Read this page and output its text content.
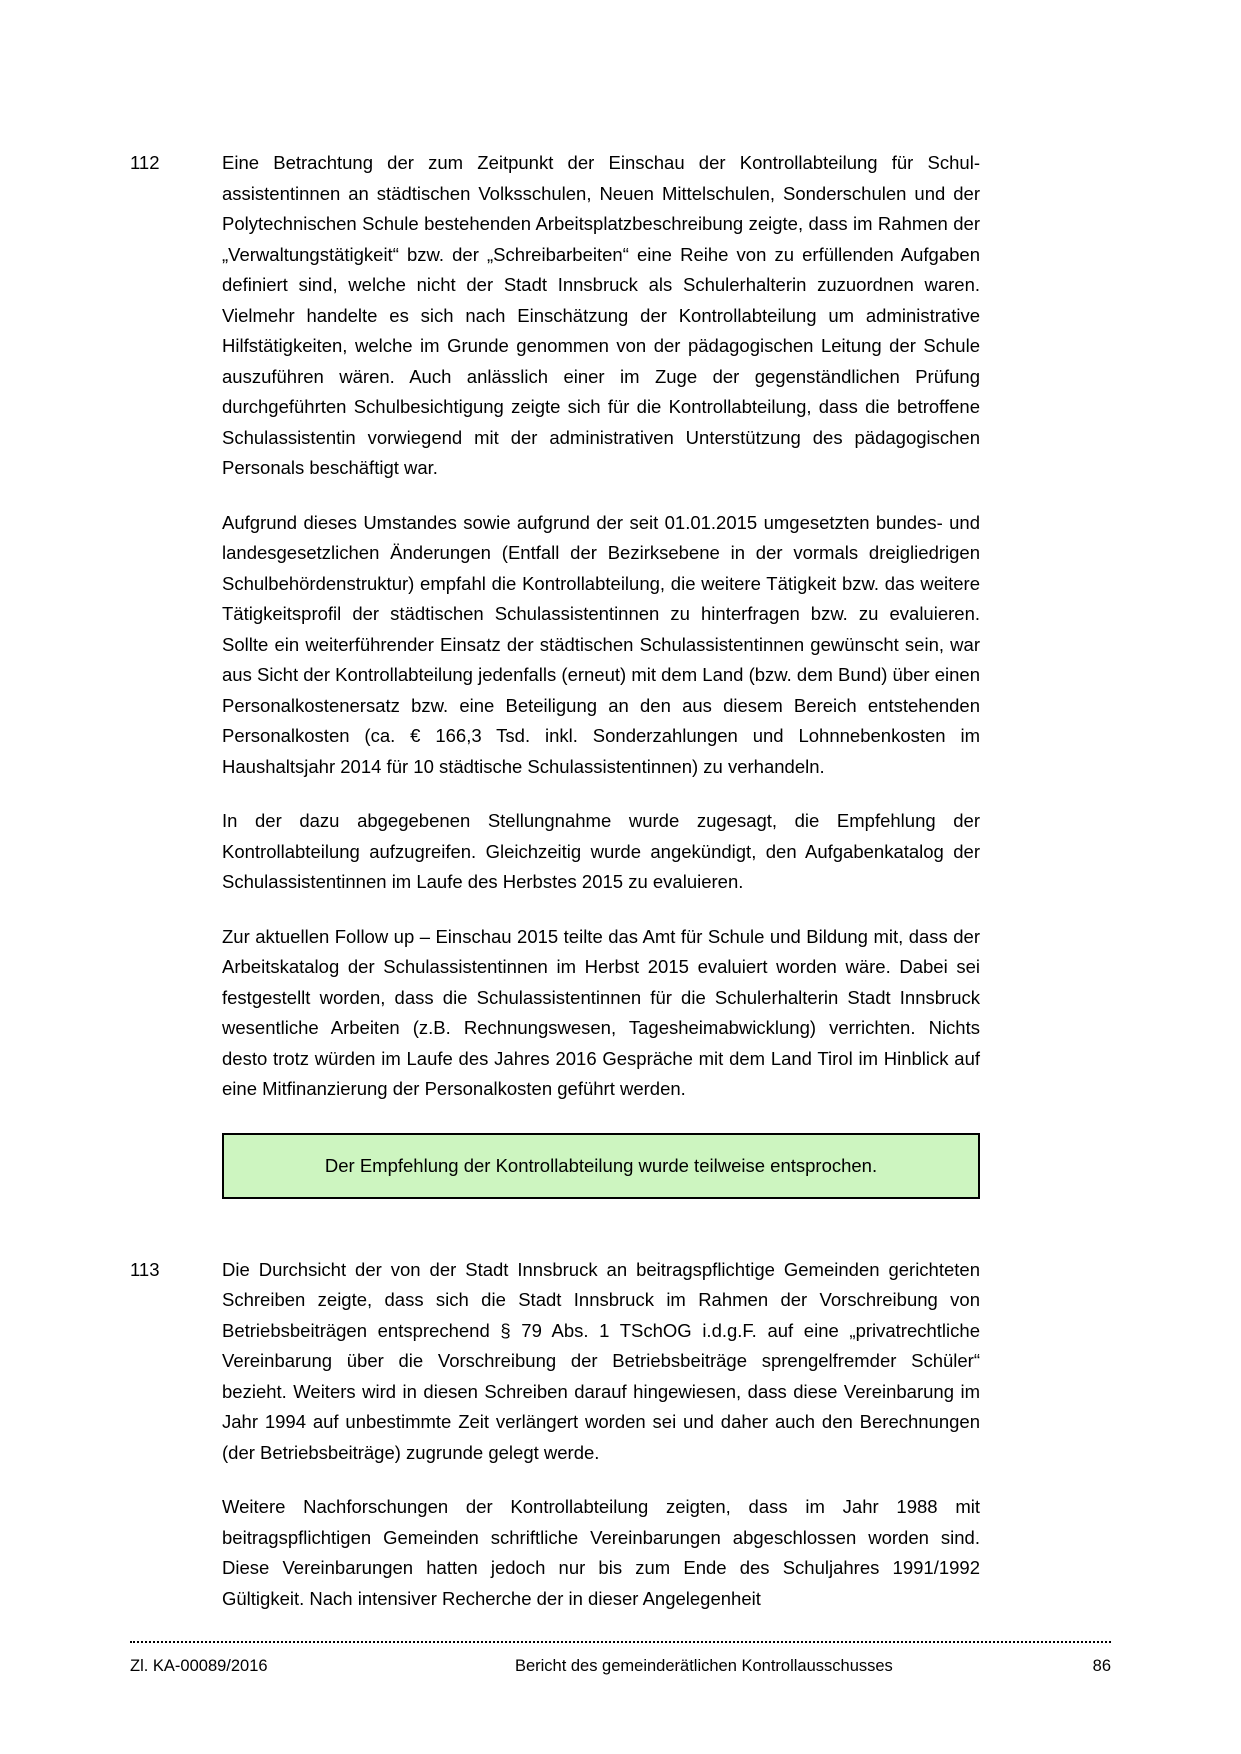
112	Eine Betrachtung der zum Zeitpunkt der Einschau der Kontrollabteilung für Schulassistentinnen an städtischen Volksschulen, Neuen Mittelschulen, Sonderschulen und der Polytechnischen Schule bestehenden Arbeitsplatzbeschreibung zeigte, dass im Rahmen der „Verwaltungstätigkeit“ bzw. der „Schreibarbeiten“ eine Reihe von zu erfüllenden Aufgaben definiert sind, welche nicht der Stadt Innsbruck als Schulerhalterin zuzuordnen waren. Vielmehr handelte es sich nach Einschätzung der Kontrollabteilung um administrative Hilfstätigkeiten, welche im Grunde genommen von der pädagogischen Leitung der Schule auszuführen wären. Auch anlässlich einer im Zuge der gegenständlichen Prüfung durchgeführten Schulbesichtigung zeigte sich für die Kontrollabteilung, dass die betroffene Schulassistentin vorwiegend mit der administrativen Unterstützung des pädagogischen Personals beschäftigt war.

Aufgrund dieses Umstandes sowie aufgrund der seit 01.01.2015 umgesetzten bundes- und landesgesetzlichen Änderungen (Entfall der Bezirksebene in der vormals dreigliedrigen Schulbehördenstruktur) empfahl die Kontrollabteilung, die weitere Tätigkeit bzw. das weitere Tätigkeitsprofil der städtischen Schulassistentinnen zu hinterfragen bzw. zu evaluieren. Sollte ein weiterführender Einsatz der städtischen Schulassistentinnen gewünscht sein, war aus Sicht der Kontrollabteilung jedenfalls (erneut) mit dem Land (bzw. dem Bund) über einen Personalkostenersatz bzw. eine Beteiligung an den aus diesem Bereich entstehenden Personalkosten (ca. € 166,3 Tsd. inkl. Sonderzahlungen und Lohnnebenkosten im Haushaltsjahr 2014 für 10 städtische Schulassistentinnen) zu verhandeln.

In der dazu abgegebenen Stellungnahme wurde zugesagt, die Empfehlung der Kontrollabteilung aufzugreifen. Gleichzeitig wurde angekündigt, den Aufgabenkatalog der Schulassistentinnen im Laufe des Herbstes 2015 zu evaluieren.

Zur aktuellen Follow up – Einschau 2015 teilte das Amt für Schule und Bildung mit, dass der Arbeitskatalog der Schulassistentinnen im Herbst 2015 evaluiert worden wäre. Dabei sei festgestellt worden, dass die Schulassistentinnen für die Schulerhalterin Stadt Innsbruck wesentliche Arbeiten (z.B. Rechnungswesen, Tagesheimabwicklung) verrichten. Nichts desto trotz würden im Laufe des Jahres 2016 Gespräche mit dem Land Tirol im Hinblick auf eine Mitfinanzierung der Personalkosten geführt werden.

Der Empfehlung der Kontrollabteilung wurde teilweise entsprochen.
113	Die Durchsicht der von der Stadt Innsbruck an beitragspflichtige Gemeinden gerichteten Schreiben zeigte, dass sich die Stadt Innsbruck im Rahmen der Vorschreibung von Betriebsbeiträgen entsprechend § 79 Abs. 1 TSchOG i.d.g.F. auf eine „privatrechtliche Vereinbarung über die Vorschreibung der Betriebsbeiträge sprengelfremder Schüler“ bezieht. Weiters wird in diesen Schreiben darauf hingewiesen, dass diese Vereinbarung im Jahr 1994 auf unbestimmte Zeit verlängert worden sei und daher auch den Berechnungen (der Betriebsbeiträge) zugrunde gelegt werde.

Weitere Nachforschungen der Kontrollabteilung zeigten, dass im Jahr 1988 mit beitragspflichtigen Gemeinden schriftliche Vereinbarungen abgeschlossen worden sind. Diese Vereinbarungen hatten jedoch nur bis zum Ende des Schuljahres 1991/1992 Gültigkeit. Nach intensiver Recherche der in dieser Angelegenheit

Zl. KA-00089/2016	Bericht des gemeinderätlichen Kontrollausschusses	86
